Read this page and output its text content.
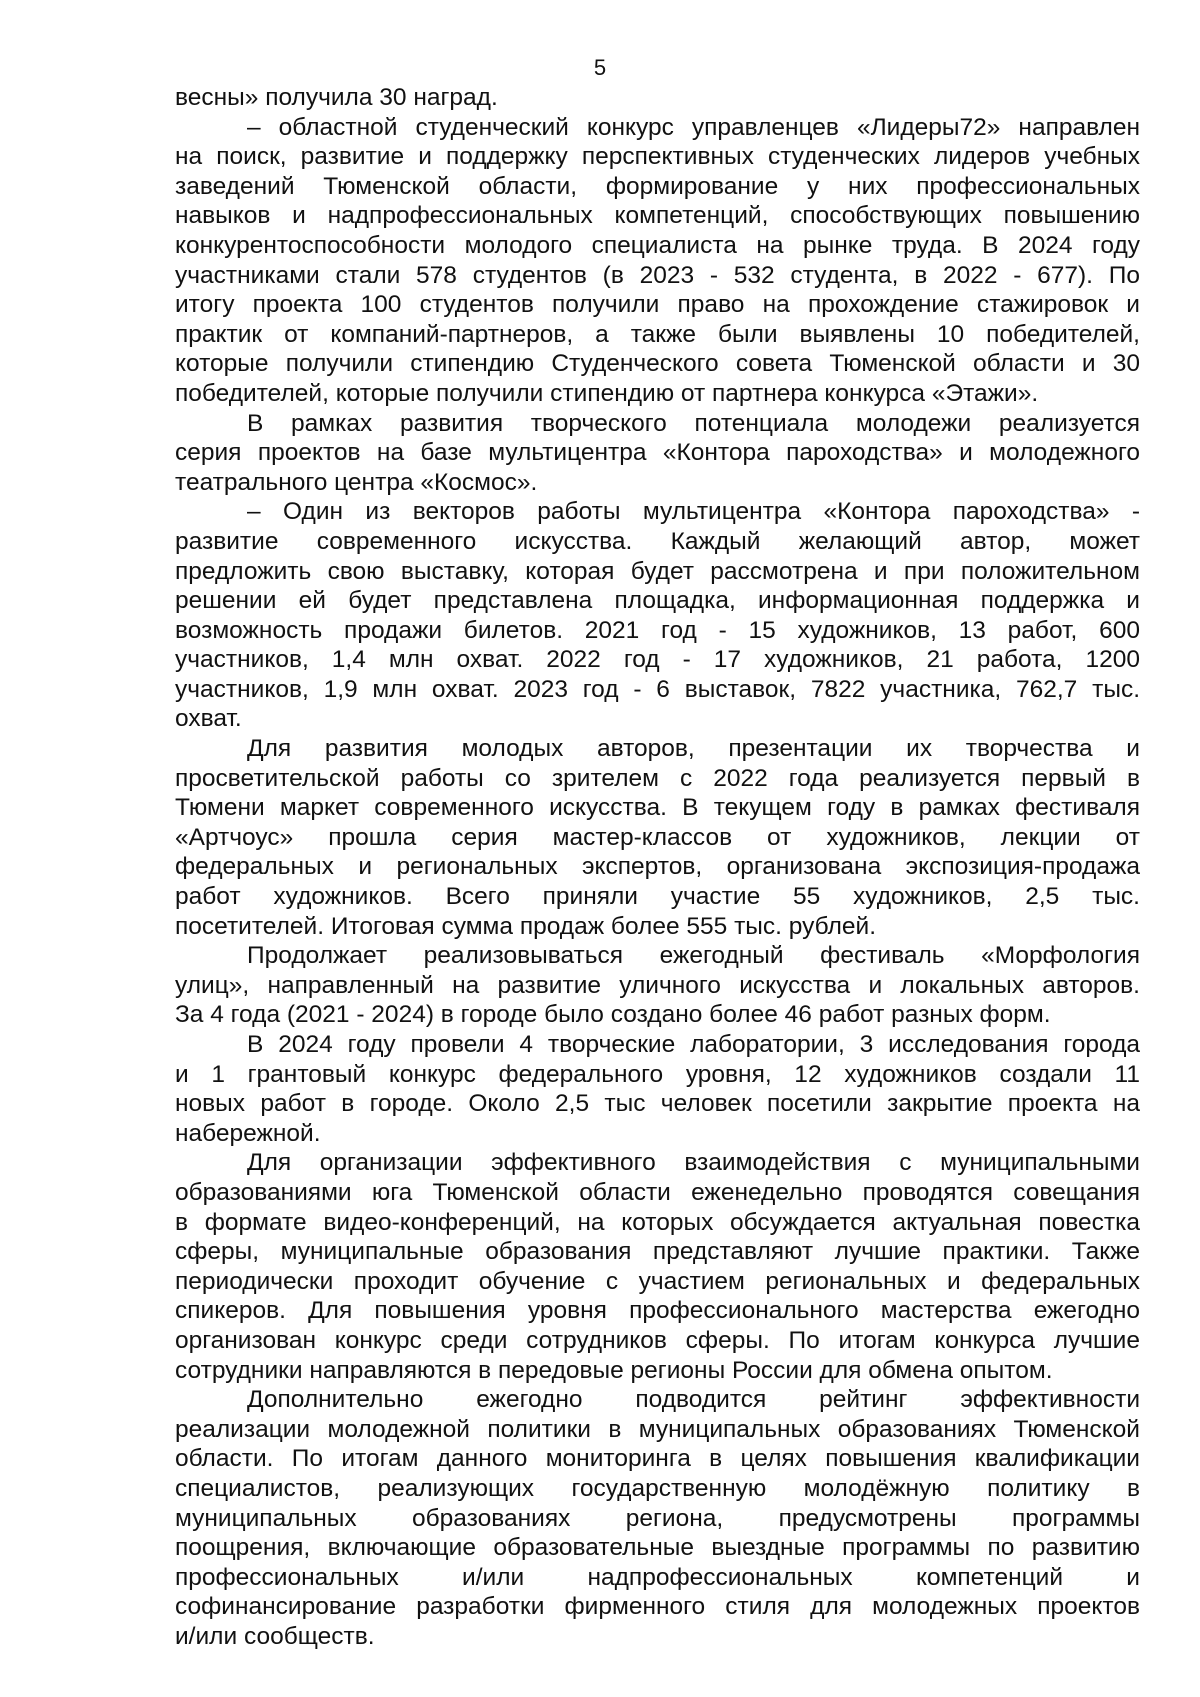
5
весны» получила 30 наград.
– областной студенческий конкурс управленцев «Лидеры72» направлен
на поиск, развитие и поддержку перспективных студенческих лидеров учебных
заведений Тюменской области, формирование у них профессиональных
навыков и надпрофессиональных компетенций, способствующих повышению
конкурентоспособности молодого специалиста на рынке труда. В 2024 году
участниками стали 578 студентов (в 2023 - 532 студента, в 2022 - 677). По
итогу проекта 100 студентов получили право на прохождение стажировок и
практик от компаний-партнеров, а также были выявлены 10 победителей,
которые получили стипендию Студенческого совета Тюменской области и 30
победителей, которые получили стипендию от партнера конкурса «Этажи».
В рамках развития творческого потенциала молодежи реализуется
серия проектов на базе мультицентра «Контора пароходства» и молодежного
театрального центра «Космос».
– Один из векторов работы мультицентра «Контора пароходства» -
развитие современного искусства. Каждый желающий автор, может
предложить свою выставку, которая будет рассмотрена и при положительном
решении ей будет представлена площадка, информационная поддержка и
возможность продажи билетов. 2021 год - 15 художников, 13 работ, 600
участников, 1,4 млн охват. 2022 год - 17 художников, 21 работа, 1200
участников, 1,9 млн охват. 2023 год - 6 выставок, 7822 участника, 762,7 тыс.
охват.
Для развития молодых авторов, презентации их творчества и
просветительской работы со зрителем с 2022 года реализуется первый в
Тюмени маркет современного искусства. В текущем году в рамках фестиваля
«Артчоус» прошла серия мастер-классов от художников, лекции от
федеральных и региональных экспертов, организована экспозиция-продажа
работ художников. Всего приняли участие 55 художников, 2,5 тыс.
посетителей. Итоговая сумма продаж более 555 тыс. рублей.
Продолжает реализовываться ежегодный фестиваль «Морфология
улиц», направленный на развитие уличного искусства и локальных авторов.
За 4 года (2021 - 2024) в городе было создано более 46 работ разных форм.
В 2024 году провели 4 творческие лаборатории, 3 исследования города
и 1 грантовый конкурс федерального уровня, 12 художников создали 11
новых работ в городе. Около 2,5 тыс человек посетили закрытие проекта на
набережной.
Для организации эффективного взаимодействия с муниципальными
образованиями юга Тюменской области еженедельно проводятся совещания
в формате видео-конференций, на которых обсуждается актуальная повестка
сферы, муниципальные образования представляют лучшие практики. Также
периодически проходит обучение с участием региональных и федеральных
спикеров. Для повышения уровня профессионального мастерства ежегодно
организован конкурс среди сотрудников сферы. По итогам конкурса лучшие
сотрудники направляются в передовые регионы России для обмена опытом.
Дополнительно ежегодно подводится рейтинг эффективности
реализации молодежной политики в муниципальных образованиях Тюменской
области. По итогам данного мониторинга в целях повышения квалификации
специалистов, реализующих государственную молодёжную политику в
муниципальных образованиях региона, предусмотрены программы
поощрения, включающие образовательные выездные программы по развитию
профессиональных и/или надпрофессиональных компетенций и
софинансирование разработки фирменного стиля для молодежных проектов
и/или сообществ.
